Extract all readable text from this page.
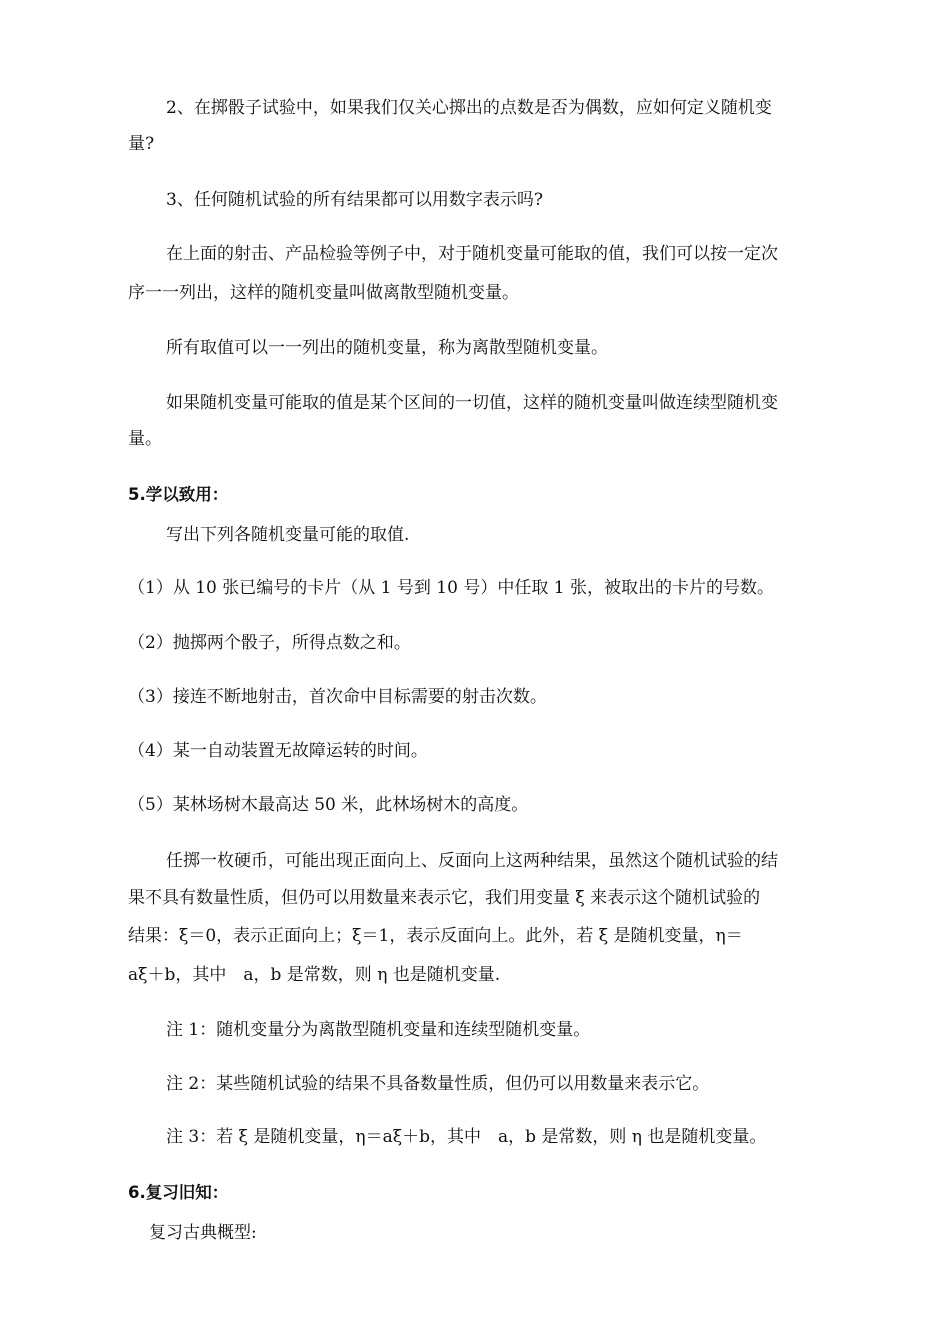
2、在掷骰子试验中，如果我们仅关心掷出的点数是否为偶数，应如何定义随机变
量?
3、任何随机试验的所有结果都可以用数字表示吗?
在上面的射击、产品检验等例子中，对于随机变量可能取的值，我们可以按一定次
序一一列出，这样的随机变量叫做离散型随机变量。
所有取值可以一一列出的随机变量，称为离散型随机变量。
如果随机变量可能取的值是某个区间的一切值，这样的随机变量叫做连续型随机变
量。
5.学以致用：
写出下列各随机变量可能的取值.
（1）从 10 张已编号的卡片（从 1 号到 10 号）中任取 1 张，被取出的卡片的号数。
（2）抛掷两个骰子，所得点数之和。
（3）接连不断地射击，首次命中目标需要的射击次数。
（4）某一自动装置无故障运转的时间。
（5）某林场树木最高达 50 米，此林场树木的高度。
任掷一枚硬币，可能出现正面向上、反面向上这两种结果，虽然这个随机试验的结
果不具有数量性质，但仍可以用数量来表示它，我们用变量 ξ 来表示这个随机试验的
结果：ξ＝0，表示正面向上；ξ＝1，表示反面向上。此外，若 ξ 是随机变量，η＝
aξ＋b，其中　a，b 是常数，则 η 也是随机变量.
注 1：随机变量分为离散型随机变量和连续型随机变量。
注 2：某些随机试验的结果不具备数量性质，但仍可以用数量来表示它。
注 3：若 ξ 是随机变量，η＝aξ＋b，其中　a，b 是常数，则 η 也是随机变量。
6.复习旧知：
复习古典概型:
